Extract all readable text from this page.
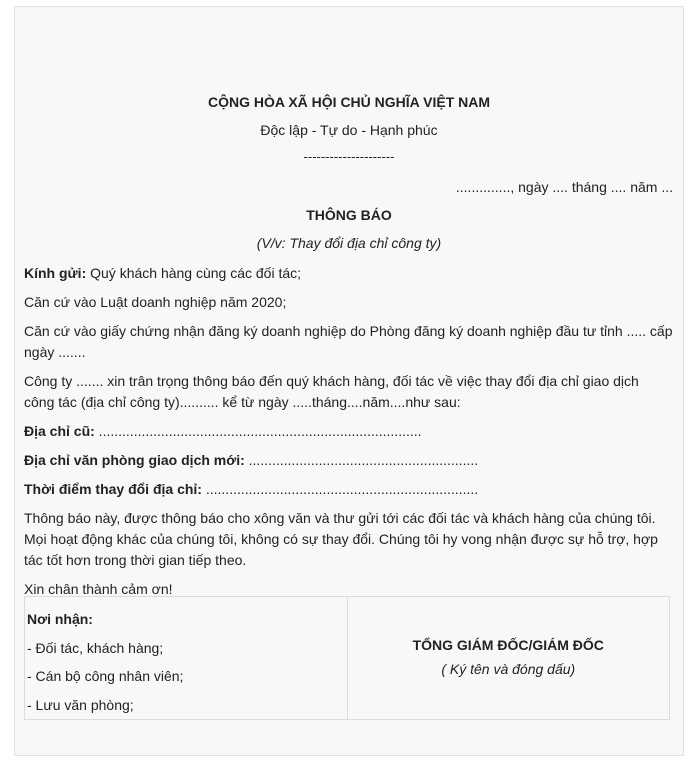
CỘNG HÒA XÃ HỘI CHỦ NGHĨA VIỆT NAM
Độc lập - Tự do - Hạnh phúc
---------------------
.............., ngày .... tháng .... năm ...
THÔNG BÁO
(V/v: Thay đổi địa chỉ công ty)

Kính gửi: Quý khách hàng cùng các đối tác;

Căn cứ vào Luật doanh nghiệp năm 2020;

Căn cứ vào giấy chứng nhận đăng ký doanh nghiệp do Phòng đăng ký doanh nghiệp đầu tư tỉnh ..... cấp ngày .......

Công ty ....... xin trân trọng thông báo đến quý khách hàng, đối tác về việc thay đổi địa chỉ giao dịch công tác (địa chỉ công ty).......... kể từ ngày .....tháng....năm....như sau:

Địa chỉ cũ: ...................................................................................

Địa chỉ văn phòng giao dịch mới: ...........................................................

Thời điểm thay đổi địa chỉ: ......................................................................

Thông báo này, được thông báo cho xông văn và thư gửi tới các đối tác và khách hàng của chúng tôi. Mọi hoạt động khác của chúng tôi, không có sự thay đổi. Chúng tôi hy vong nhận được sự hỗ trợ, hợp tác tốt hơn trong thời gian tiếp theo.

Xin chân thành cảm ơn!

Nơi nhận:
- Đối tác, khách hàng;
- Cán bộ công nhân viên;
- Lưu văn phòng;

TỔNG GIÁM ĐỐC/GIÁM ĐỐC
( Ký tên và đóng dấu)
